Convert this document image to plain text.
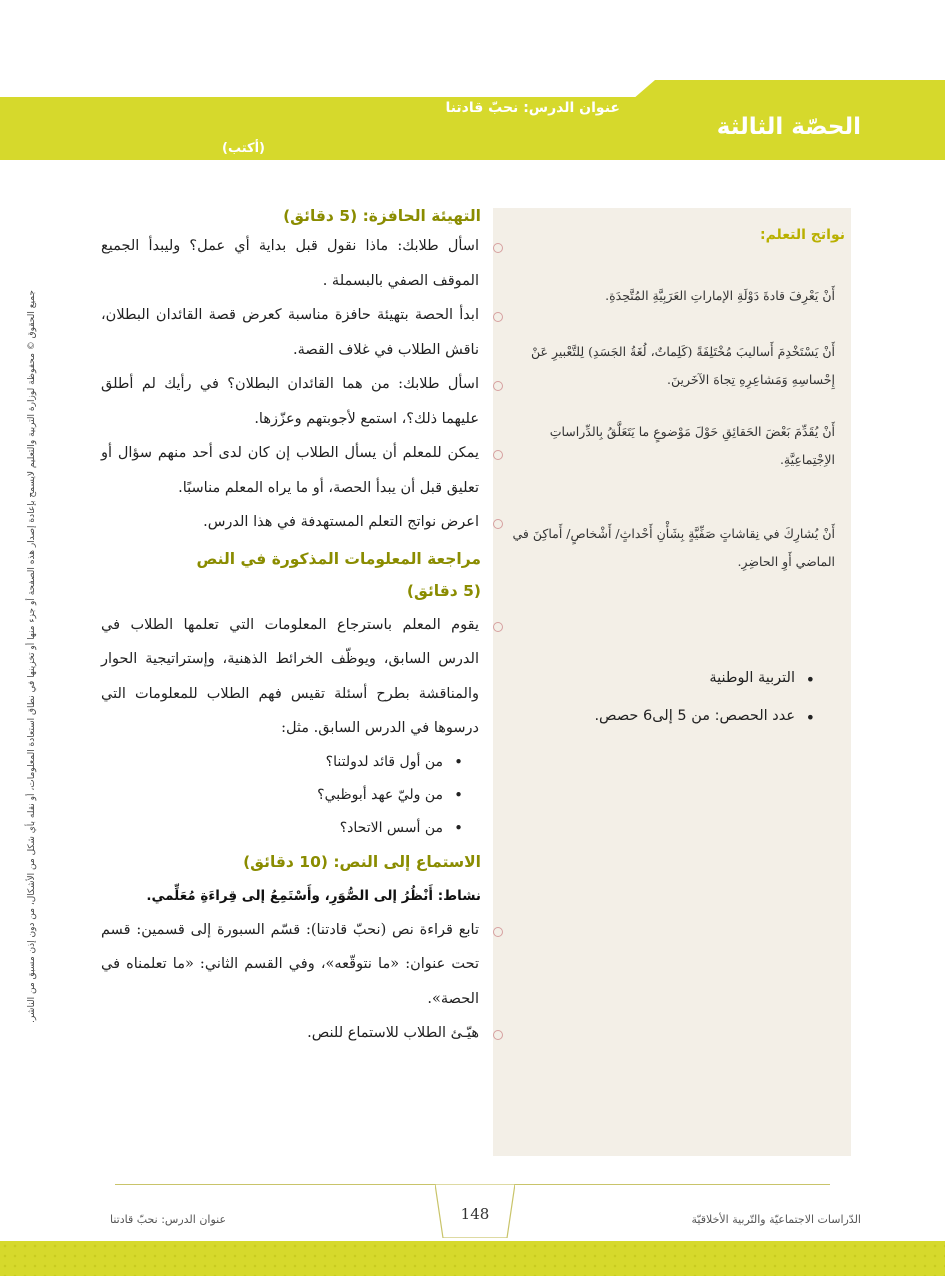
عنوان الدرس: نحبّ قادتنا
الحصّة الثالثة
(أكتب)
جميع الحقوق © محفوظة لوزارة التربية والتعليم لايسمح بإعادة إصدار هذه الصفحة أو جزء منها أو تخزينها في نطاق استعادة المعلومات، أو نقله بأي شكل من الأشكال، من دون إذن مسبق من الناشر.
نواتج التعلم:
أَنْ يَعْرِفَ قادةَ دَوْلَةِ الإماراتِ العَرَبِيَّةِ المُتَّحِدَةِ.
أَنْ يَسْتَخْدِمَ أَساليبَ مُخْتَلِفَةً (كَلِماتٌ، لُغَةُ الجَسَدِ) لِلتَّعْبيرِ عَنْ إِحْساسِهِ وَمَشاعِرِهِ تِجاهَ الآخَرينَ.
أَنْ يُقَدِّمَ بَعْضَ الحَقائِقِ حَوْلَ مَوْضوعٍ ما يَتَعَلَّقُ بِالدِّراساتِ الاِجْتِماعِيَّةِ.
أَنْ يُشارِكَ في نِقاشاتٍ صَفِّيَّةٍ بِشَأْنِ أَحْداثٍ/ أَشْخاصٍ/ أَماكِنَ في الماضي أَوِ الحاضِرِ.
• التربية الوطنية
• عدد الحصص: من 5 إلى6 حصص.
التهيئة الحافزة: (5 دقائق)
اسأل طلابك: ماذا نقول قبل بداية أي عمل؟ وليبدأ الجميع الموقف الصفي بالبسملة .
ابدأ الحصة بتهيئة حافزة مناسبة كعرض قصة القائدان البطلان، ناقش الطلاب في غلاف القصة.
اسأل طلابك: من هما القائدان البطلان؟ في رأيك لم أطلق عليهما ذلك؟، استمع لأجوبتهم وعزّزها.
يمكن للمعلم أن يسأل الطلاب إن كان لدى أحد منهم سؤال أو تعليق قبل أن يبدأ الحصة، أو ما يراه المعلم مناسبًا.
اعرض نواتج التعلم المستهدفة في هذا الدرس.
مراجعة المعلومات المذكورة في النص
(5 دقائق)
يقوم المعلم باسترجاع المعلومات التي تعلمها الطلاب في الدرس السابق، ويوظّف الخرائط الذهنية، وإستراتيجية الحوار والمناقشة بطرح أسئلة تقيس فهم الطلاب للمعلومات التي درسوها في الدرس السابق. مثل:
• من أول قائد لدولتنا؟
• من وليّ عهد أبوظبي؟
• من أسس الاتحاد؟
الاستماع إلى النص: (10 دقائق)
نشاط: أَنْظُرُ إلى الصُّوَرِ، وأَسْتَمِعُ إلى قِراءَةِ مُعَلِّمي.
تابع قراءة نص (نحبّ قادتنا): قسّم السبورة إلى قسمين: قسم تحت عنوان: «ما نتوقّعه»، وفي القسم الثاني: «ما تعلمناه في الحصة».
هيّـئ الطلاب للاستماع للنص.
148
عنوان الدرس: نحبّ قادتنا	الدّراسات الاجتماعيّة والتّربية الأخلاقيّة
